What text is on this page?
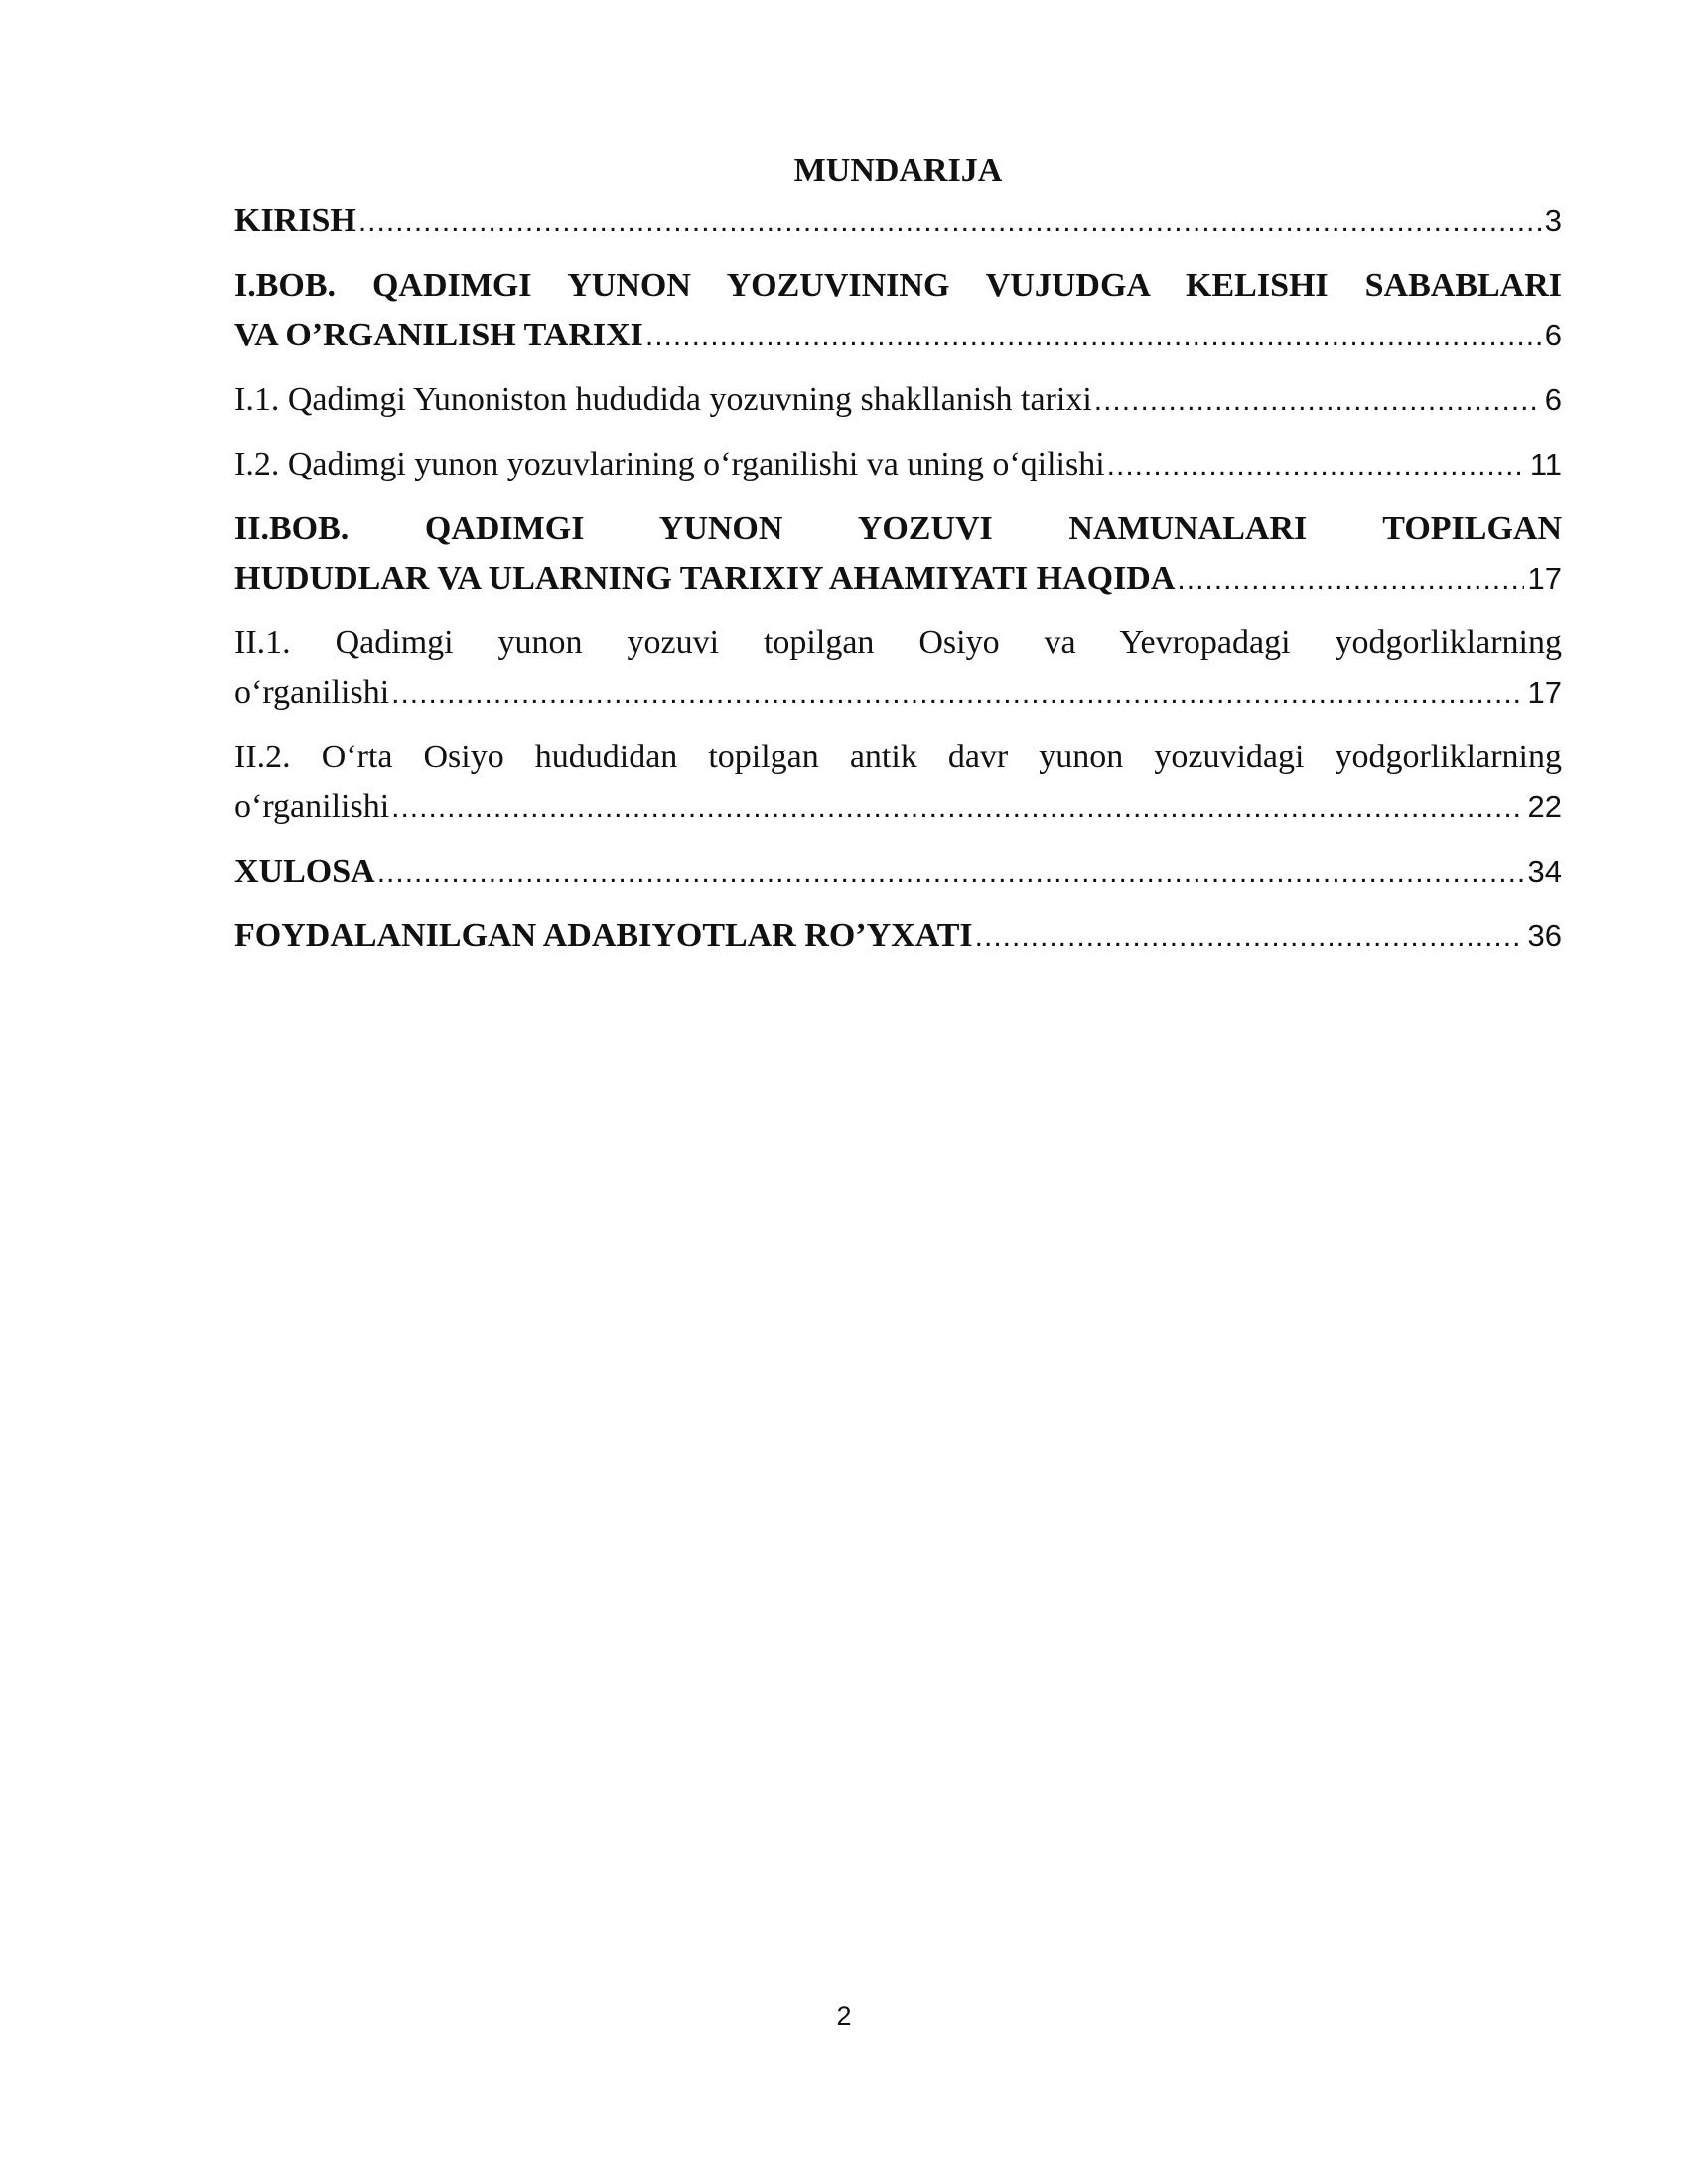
MUNDARIJA
KIRISH .....	3
I.BOB. QADIMGI YUNON YOZUVINING VUJUDGA KELISHI SABABLARI
VA O’RGANILISH TARIXI .....	6
I.1. Qadimgi Yunoniston hududida yozuvning shakllanish tarixi .....	6
I.2. Qadimgi yunon yozuvlarining o‘rganilishi va uning o‘qilishi .....	11
II.BOB. QADIMGI YUNON YOZUVI NAMUNALARI TOPILGAN
HUDUDLAR VA ULARNING TARIXIY AHAMIYATI HAQIDA .....	17
II.1. Qadimgi yunon yozuvi topilgan Osiyo va Yevropadagi yodgorliklarning
o‘rganilishi .....	17
II.2. O‘rta Osiyo hududidan topilgan antik davr yunon yozuvidagi yodgorliklarning
o‘rganilishi .....	22
XULOSA .....	34
FOYDALANILGAN ADABIYOTLAR RO’YXATI .....	36
2
